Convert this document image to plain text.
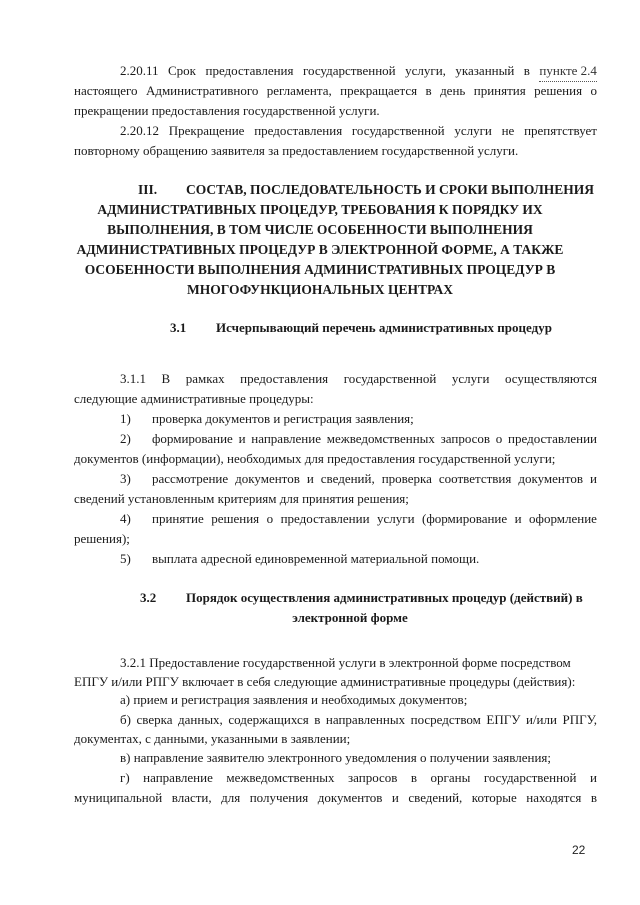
2.20.11 Срок предоставления государственной услуги, указанный в пункте 2.4
настоящего Административного регламента, прекращается в день принятия решения о
прекращении предоставления государственной услуги.
2.20.12 Прекращение предоставления государственной услуги не препятствует
повторному обращению заявителя за предоставлением государственной услуги.
III. СОСТАВ, ПОСЛЕДОВАТЕЛЬНОСТЬ И СРОКИ ВЫПОЛНЕНИЯ
АДМИНИСТРАТИВНЫХ ПРОЦЕДУР, ТРЕБОВАНИЯ К ПОРЯДКУ ИХ
ВЫПОЛНЕНИЯ, В ТОМ ЧИСЛЕ ОСОБЕННОСТИ ВЫПОЛНЕНИЯ
АДМИНИСТРАТИВНЫХ ПРОЦЕДУР В ЭЛЕКТРОННОЙ ФОРМЕ, А ТАКЖЕ
ОСОБЕННОСТИ ВЫПОЛНЕНИЯ АДМИНИСТРАТИВНЫХ ПРОЦЕДУР В
МНОГОФУНКЦИОНАЛЬНЫХ ЦЕНТРАХ
3.1 Исчерпывающий перечень административных процедур
3.1.1 В рамках предоставления государственной услуги осуществляются
следующие административные процедуры:
1) проверка документов и регистрация заявления;
2) формирование и направление межведомственных запросов о предоставлении
документов (информации), необходимых для предоставления государственной услуги;
3) рассмотрение документов и сведений, проверка соответствия документов и
сведений установленным критериям для принятия решения;
4) принятие решения о предоставлении услуги (формирование и оформление
решения);
5) выплата адресной единовременной материальной помощи.
3.2 Порядок осуществления административных процедур (действий) в
электронной форме
3.2.1 Предоставление государственной услуги в электронной форме посредством
ЕПГУ и/или РПГУ включает в себя следующие административные процедуры (действия):
а) прием и регистрация заявления и необходимых документов;
б) сверка данных, содержащихся в направленных посредством ЕПГУ и/или РПГУ,
документах, с данными, указанными в заявлении;
в) направление заявителю электронного уведомления о получении заявления;
г) направление межведомственных запросов в органы государственной и
муниципальной власти, для получения документов и сведений, которые находятся в
22
